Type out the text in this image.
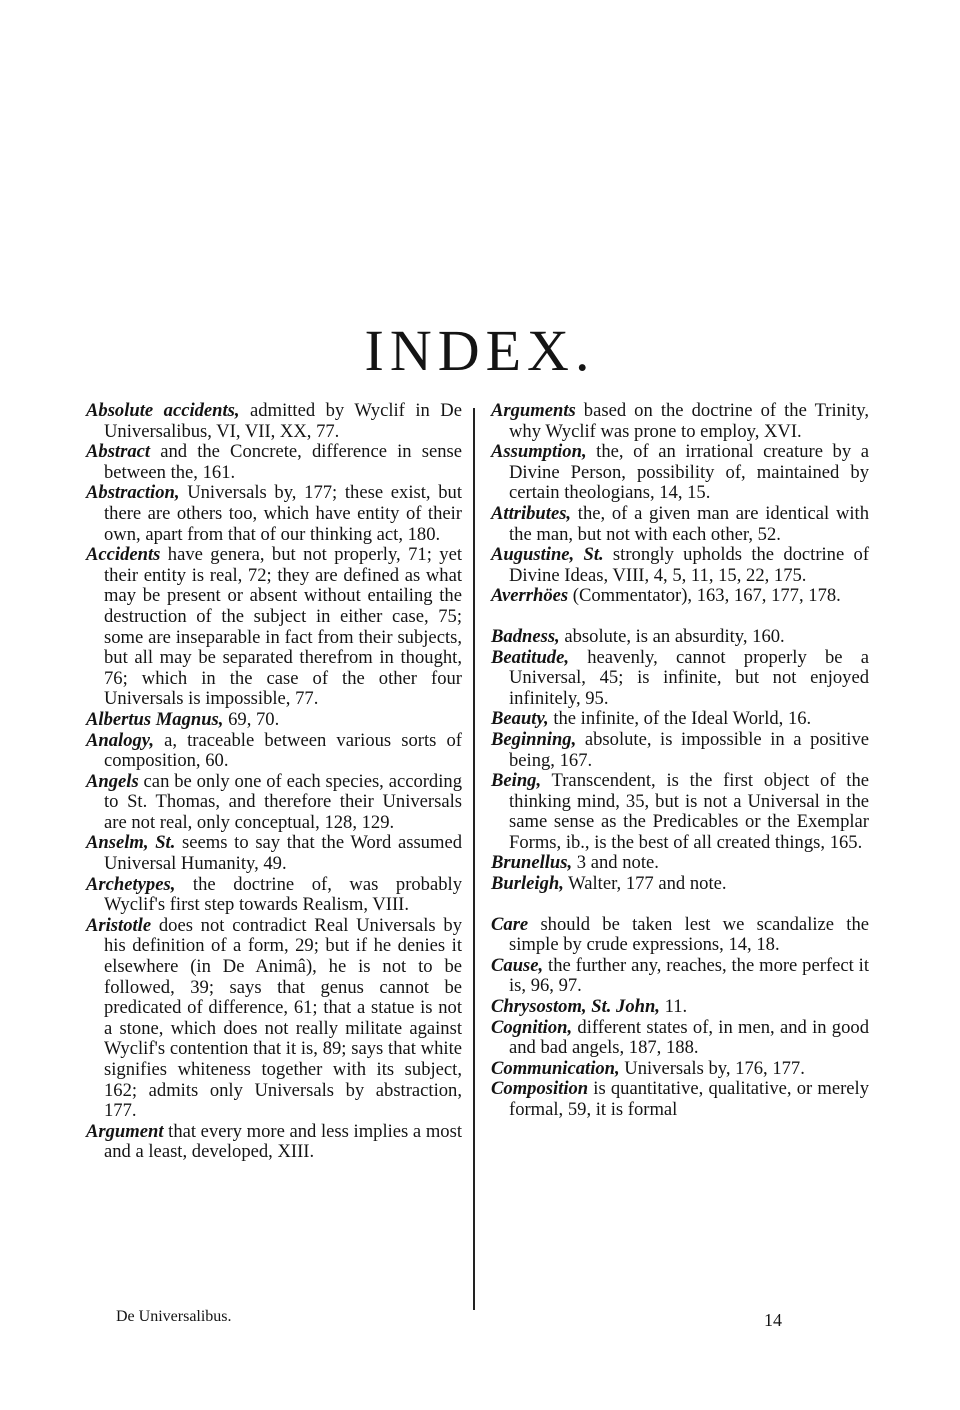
INDEX.

Absolute accidents, admitted by Wyclif in De Universalibus, VI, VII, XX, 77.

Abstract and the Concrete, difference in sense between the, 161.

Abstraction, Universals by, 177; these exist, but there are others too, which have entity of their own, apart from that of our thinking act, 180.

Accidents have genera, but not properly, 71; yet their entity is real, 72; they are defined as what may be present or absent without entailing the destruction of the subject in either case, 75; some are inseparable in fact from their subjects, but all may be separated therefrom in thought, 76; which in the case of the other four Universals is impossible, 77.

Albertus Magnus, 69, 70.

Analogy, a, traceable between various sorts of composition, 60.

Angels can be only one of each species, according to St. Thomas, and therefore their Universals are not real, only conceptual, 128, 129.

Anselm, St. seems to say that the Word assumed Universal Humanity, 49.

Archetypes, the doctrine of, was probably Wyclif's first step towards Realism, VIII.

Aristotle does not contradict Real Universals by his definition of a form, 29; but if he denies it elsewhere (in De Animâ), he is not to be followed, 39; says that genus cannot be predicated of difference, 61; that a statue is not a stone, which does not really militate against Wyclif's contention that it is, 89; says that white signifies whiteness together with its subject, 162; admits only Universals by abstraction, 177.

Argument that every more and less implies a most and a least, developed, XIII.

Arguments based on the doctrine of the Trinity, why Wyclif was prone to employ, XVI.

Assumption, the, of an irrational creature by a Divine Person, possibility of, maintained by certain theologians, 14, 15.

Attributes, the, of a given man are identical with the man, but not with each other, 52.

Augustine, St. strongly upholds the doctrine of Divine Ideas, VIII, 4, 5, 11, 15, 22, 175.

Averrhöes (Commentator), 163, 167, 177, 178.

Badness, absolute, is an absurdity, 160.

Beatitude, heavenly, cannot properly be a Universal, 45; is infinite, but not enjoyed infinitely, 95.

Beauty, the infinite, of the Ideal World, 16.

Beginning, absolute, is impossible in a positive being, 167.

Being, Transcendent, is the first object of the thinking mind, 35, but is not a Universal in the same sense as the Predicables or the Exemplar Forms, ib., is the best of all created things, 165.

Brunellus, 3 and note.

Burleigh, Walter, 177 and note.

Care should be taken lest we scandalize the simple by crude expressions, 14, 18.

Cause, the further any, reaches, the more perfect it is, 96, 97.

Chrysostom, St. John, 11.

Cognition, different states of, in men, and in good and bad angels, 187, 188.

Communication, Universals by, 176, 177.

Composition is quantitative, qualitative, or merely formal, 59, it is formal

De Universalibus.	14
